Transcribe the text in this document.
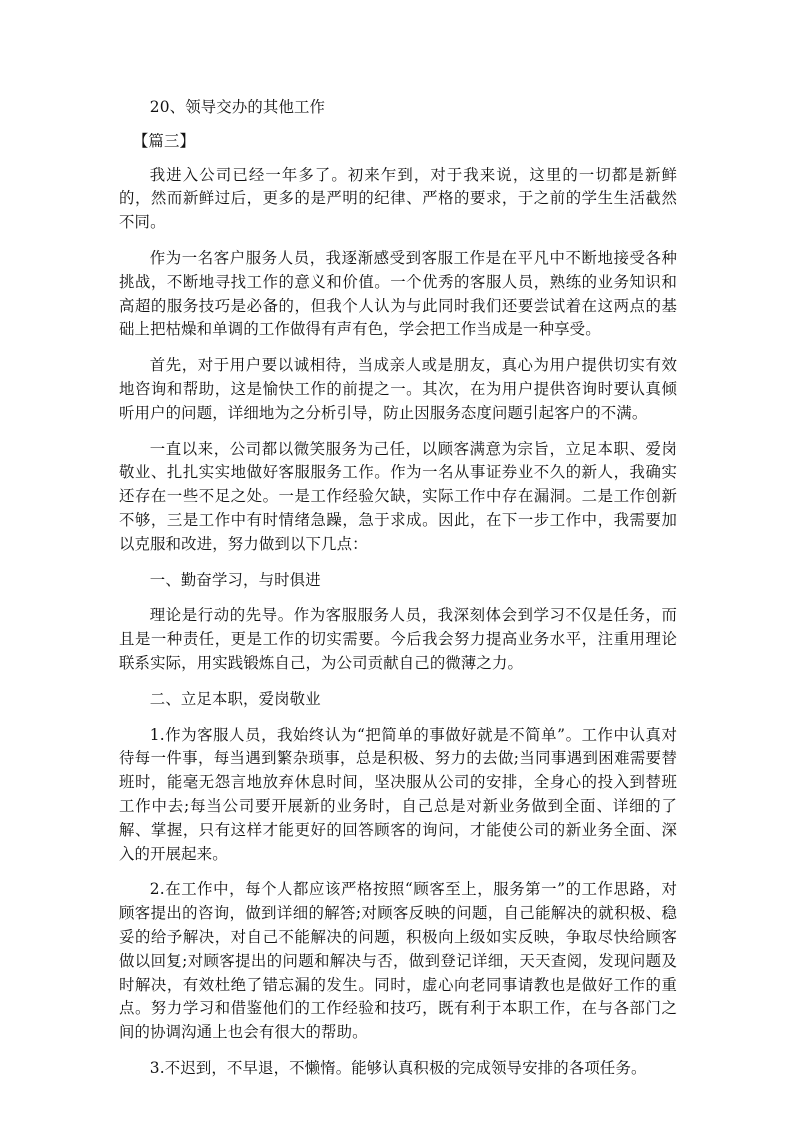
20、领导交办的其他工作

【篇三】

我进入公司已经一年多了。初来乍到，对于我来说，这里的一切都是新鲜的，然而新鲜过后，更多的是严明的纪律、严格的要求，于之前的学生生活截然不同。

作为一名客户服务人员，我逐渐感受到客服工作是在平凡中不断地接受各种挑战，不断地寻找工作的意义和价值。一个优秀的客服人员，熟练的业务知识和高超的服务技巧是必备的，但我个人认为与此同时我们还要尝试着在这两点的基础上把枯燥和单调的工作做得有声有色，学会把工作当成是一种享受。

首先，对于用户要以诚相待，当成亲人或是朋友，真心为用户提供切实有效地咨询和帮助，这是愉快工作的前提之一。其次，在为用户提供咨询时要认真倾听用户的问题，详细地为之分析引导，防止因服务态度问题引起客户的不满。

一直以来，公司都以微笑服务为己任，以顾客满意为宗旨，立足本职、爱岗敬业、扎扎实实地做好客服服务工作。作为一名从事证券业不久的新人，我确实还存在一些不足之处。一是工作经验欠缺，实际工作中存在漏洞。二是工作创新不够，三是工作中有时情绪急躁，急于求成。因此，在下一步工作中，我需要加以克服和改进，努力做到以下几点：

一、勤奋学习，与时俱进

理论是行动的先导。作为客服服务人员，我深刻体会到学习不仅是任务，而且是一种责任，更是工作的切实需要。今后我会努力提高业务水平，注重用理论联系实际，用实践锻炼自己，为公司贡献自己的微薄之力。

二、立足本职，爱岗敬业

1.作为客服人员，我始终认为“把简单的事做好就是不简单”。工作中认真对待每一件事，每当遇到繁杂琐事，总是积极、努力的去做;当同事遇到困难需要替班时，能毫无怨言地放弃休息时间，坚决服从公司的安排，全身心的投入到替班工作中去;每当公司要开展新的业务时，自己总是对新业务做到全面、详细的了解、掌握，只有这样才能更好的回答顾客的询问，才能使公司的新业务全面、深入的开展起来。

2.在工作中，每个人都应该严格按照“顾客至上，服务第一”的工作思路，对顾客提出的咨询，做到详细的解答;对顾客反映的问题，自己能解决的就积极、稳妥的给予解决，对自己不能解决的问题，积极向上级如实反映，争取尽快给顾客做以回复;对顾客提出的问题和解决与否，做到登记详细，天天查阅，发现问题及时解决，有效杜绝了错忘漏的发生。同时，虚心向老同事请教也是做好工作的重点。努力学习和借鉴他们的工作经验和技巧，既有利于本职工作，在与各部门之间的协调沟通上也会有很大的帮助。

3.不迟到，不早退，不懒惰。能够认真积极的完成领导安排的各项任务。
